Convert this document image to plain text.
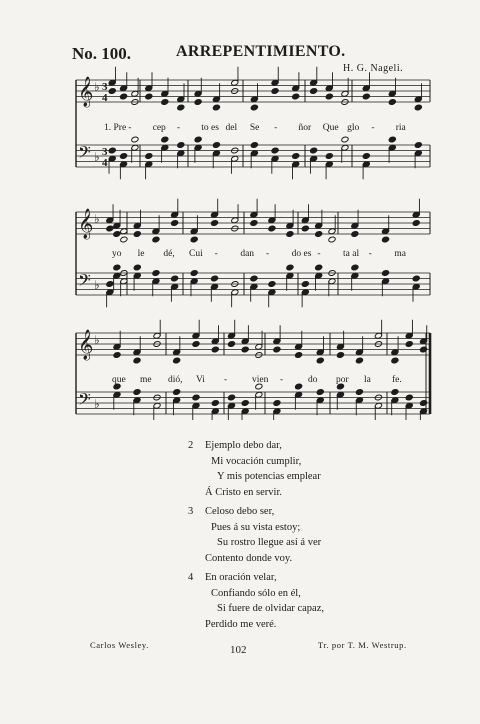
No. 100.	ARREPENTIMIENTO.
H. G. Nageli.
𝄞
𝄢
♭
♭
1. Pre - cep - to es del Se - ñor Que glo - ria
𝄞
𝄢
♭
♭
yo le dé, Cui - dan - do es - ta al - ma
𝄞
𝄢
♭
♭
que me dió, Vi -	vien -	do por la fe.
3
4
3
4
2 Ejemplo debo dar,
Mi vocación cumplir,
Y mis potencias emplear
Á Cristo en servir.
3 Celoso debo ser,
Pues á su vista estoy;
Su rostro llegue así á ver
Contento donde voy.
4 En oración velar,
Confiando sólo en él,
Si fuere de olvidar capaz,
Perdido me veré.
Carlos Wesley.	102	Tr. por T. M. Westrup.
